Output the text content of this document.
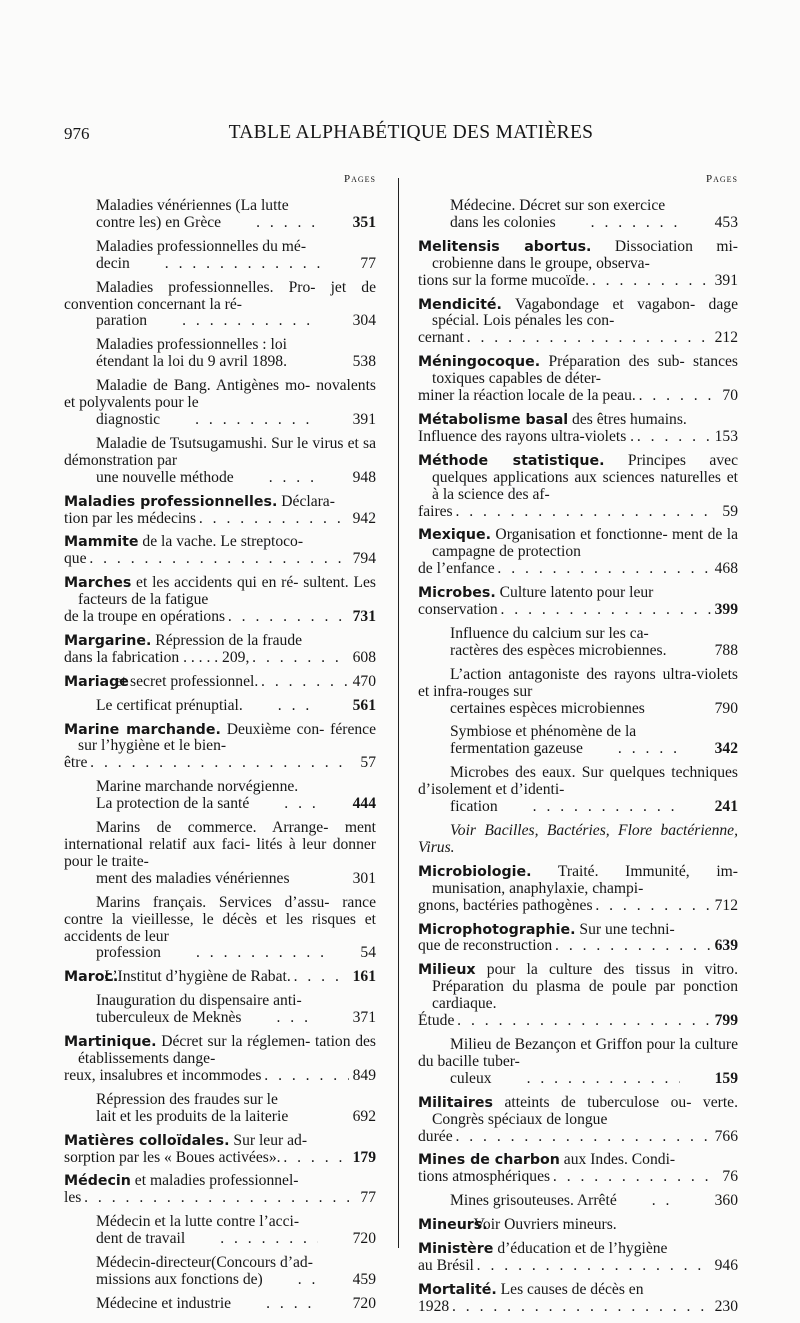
976	TABLE ALPHABÉTIQUE DES MATIÈRES
Pages
Maladies vénériennes (La lutte
contre les) en Grèce . . .	351
Maladies professionnelles du mé-
decin . . .	77
Maladies professionnelles. Pro- jet de convention concernant la ré-
paration . . .	304
Maladies professionnelles : loi
étendant la loi du 9 avril 1898. . . .	538
Maladie de Bang. Antigènes mo- novalents et polyvalents pour le
diagnostic . . .	391
Maladie de Tsutsugamushi. Sur le virus et sa démonstration par
une nouvelle méthode . . .	948
Maladies professionnelles. Déclara-
tion par les médecins . . .	942
Mammite de la vache. Le streptoco-
que . . .	794
Marches et les accidents qui en ré- sultent. Les facteurs de la fatigue
de la troupe en opérations . . .	731
Margarine. Répression de la fraude
dans la fabrication . . . . . 209, . . .	608
Mariage
et secret professionnel. . . .	470
Le certificat prénuptial. . . .	561
Marine marchande. Deuxième con- férence sur l’hygiène et le bien-
être . . .	57
Marine marchande norvégienne.
La protection de la santé . . .	444
Marins de commerce. Arrange- ment international relatif aux faci- lités à leur donner pour le traite-
ment des maladies vénériennes . . .	301
Marins français. Services d’assu- rance contre la vieillesse, le décès et les risques et accidents de leur
profession . . .	54
Maroc.
L’Institut d’hygiène de Rabat. . . .	161
Inauguration du dispensaire anti-
tuberculeux de Meknès . . .	371
Martinique. Décret sur la réglemen- tation des établissements dange-
reux, insalubres et incommodes . . .	849
Répression des fraudes sur le
lait et les produits de la laiterie . . .	692
Matières colloïdales. Sur leur ad-
sorption par les « Boues activées». . . .	179
Médecin et maladies professionnel-
les . . .	77
Médecin et la lutte contre l’acci-
dent de travail . . .	720
Médecin-directeur(Concours d’ad-
missions aux fonctions de) . . .	459
Médecine et industrie . . .	720
Pages
Médecine. Décret sur son exercice
dans les colonies . . .	453
Melitensis abortus. Dissociation mi- crobienne dans le groupe, observa-
tions sur la forme mucoïde. . . .	391
Mendicité. Vagabondage et vagabon- dage spécial. Lois pénales les con-
cernant . . .	212
Méningocoque. Préparation des sub- stances toxiques capables de déter-
miner la réaction locale de la peau. . . .	70
Métabolisme basal des êtres humains.
Influence des rayons ultra-violets . . . .	153
Méthode statistique. Principes avec quelques applications aux sciences naturelles et à la science des af-
faires . . .	59
Mexique. Organisation et fonctionne- ment de la campagne de protection
de l’enfance . . .	468
Microbes. Culture latento pour leur
conservation . . .	399
Influence du calcium sur les ca-
ractères des espèces microbiennes. . . .	788
L’action antagoniste des rayons ultra-violets et infra-rouges sur
certaines espèces microbiennes . . .	790
Symbiose et phénomène de la
fermentation gazeuse . . .	342
Microbes des eaux. Sur quelques techniques d’isolement et d’identi-
fication . . .	241
Voir Bacilles, Bactéries, Flore bactérienne, Virus.
Microbiologie. Traité. Immunité, im- munisation, anaphylaxie, champi-
gnons, bactéries pathogènes . . .	712
Microphotographie. Sur une techni-
que de reconstruction . . .	639
Milieux pour la culture des tissus in vitro. Préparation du plasma de poule par ponction cardiaque.
Étude . . .	799
Milieu de Bezançon et Griffon pour la culture du bacille tuber-
culeux . . .	159
Militaires atteints de tuberculose ou- verte. Congrès spéciaux de longue
durée . . .	766
Mines de charbon aux Indes. Condi-
tions atmosphériques . . .	76
Mines grisouteuses. Arrêté . . .	360
Mineurs.
Voir Ouvriers mineurs.
Ministère d’éducation et de l’hygiène
au Brésil . . .	946
Mortalité. Les causes de décès en
1928 . . .	230
